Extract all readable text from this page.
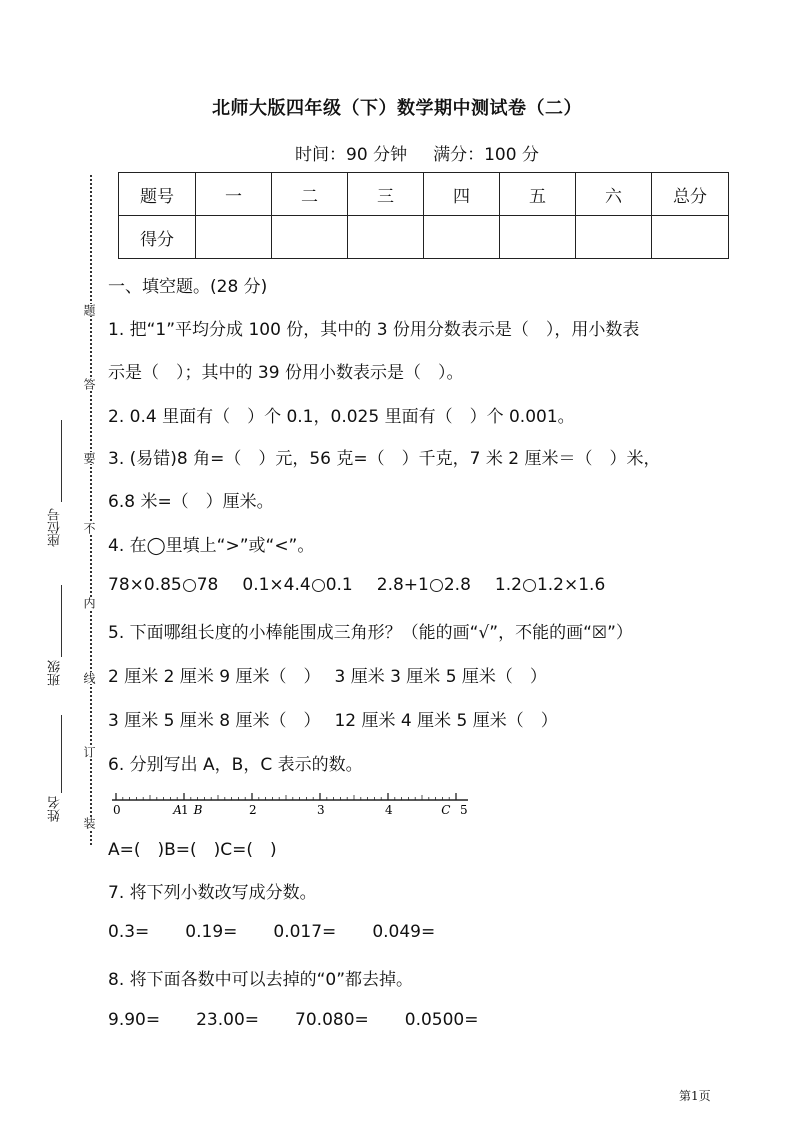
北师大版四年级（下）数学期中测试卷（二）
时间：90 分钟 满分：100 分
题号	一	二	三	四	五	六	总分
得分							
题
答
要
不
内
线
订
装
座位号
班级
姓名
一、填空题。(28 分)
1. 把“1”平均分成 100 份，其中的 3 份用分数表示是（　），用小数表
示是（　）；其中的 39 份用小数表示是（　）。
2. 0.4 里面有（　）个 0.1，0.025 里面有（　）个 0.001。
3. (易错)8 角=（　）元，56 克=（　）千克，7 米 2 厘米＝（　）米，
6.8 米=（　）厘米。
4. 在◯里填上“>”或“<”。
78×0.85 78 0.1×4.4 0.1 2.8+1 2.8 1.2 1.2×1.6
5. 下面哪组长度的小棒能围成三角形？（能的画“√”，不能的画“☒”）
2 厘米 2 厘米 9 厘米（　） 3 厘米 3 厘米 5 厘米（　）
3 厘米 5 厘米 8 厘米（　） 12 厘米 4 厘米 5 厘米（　）
6. 分别写出 A，B，C 表示的数。
0	1	2	3	4	5
A B	C
A=(　)B=(　)C=(　)
7. 将下列小数改写成分数。
0.3= 0.19= 0.017= 0.049=
8. 将下面各数中可以去掉的“0”都去掉。
9.90= 23.00= 70.080= 0.0500=
第1页
